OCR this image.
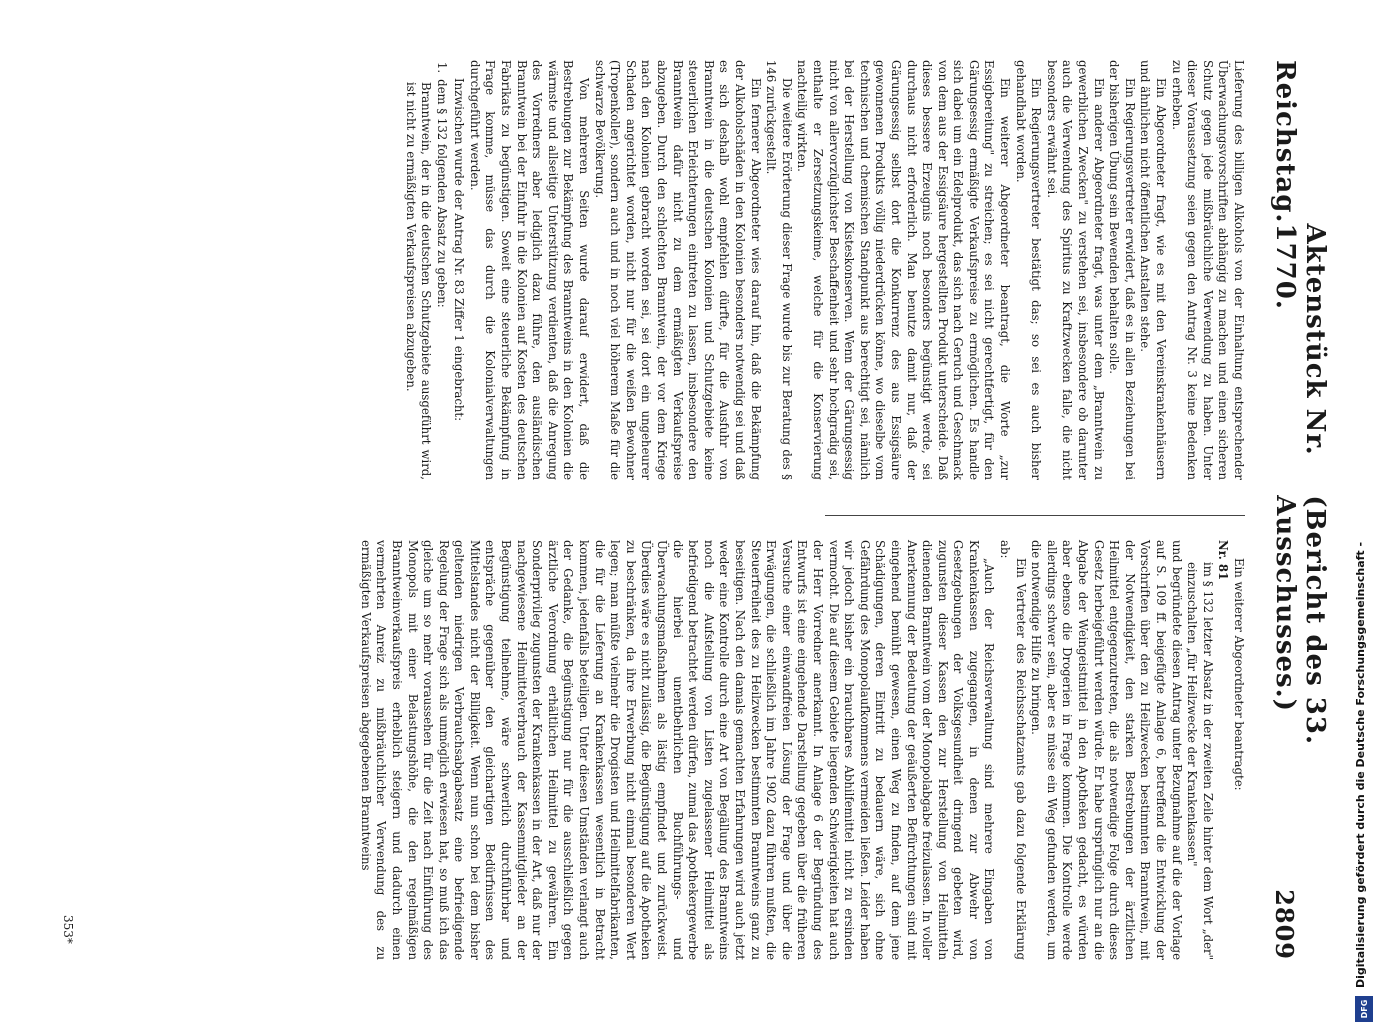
Reichstag.
Aktenstück Nr. 1770.
(Bericht des 33. Ausschusses.)
2809

Lieferung des billigen Alkohols von der Einhaltung entsprechender Überwachungsvorschriften abhängig zu machen und einen sicheren Schutz gegen jede mißbräuchliche Verwendung zu haben. Unter dieser Voraussetzung seien gegen den Antrag Nr. 3 keine Bedenken zu erheben.

Ein Abgeordneter fragt, wie es mit den Vereinskrankenhäusern und ähnlichen nicht öffentlichen Anstalten stehe.

Ein Regierungsvertreter erwidert, daß es in allen Beziehungen bei der bisherigen Übung sein Bewenden behalten solle.

Ein anderer Abgeordneter fragt, was unter dem „Branntwein zu gewerblichen Zwecken" zu verstehen sei, insbesondere ob darunter auch die Verwendung des Spiritus zu Kraftzwecken falle, die nicht besonders erwähnt sei.

Ein Regierungsvertreter bestätigt das; so sei es auch bisher gehandhabt worden.

Ein weiterer Abgeordneter beantragt, die Worte „zur Essigbereitung" zu streichen; es sei nicht gerechtfertigt, für den Gärungsessig ermäßigte Verkaufspreise zu ermöglichen. Es handle sich dabei um ein Edelprodukt, das sich nach Geruch und Geschmack von dem aus der Essigsäure hergestellten Produkt unterscheide. Daß dieses bessere Erzeugnis noch besonders begünstigt werde, sei durchaus nicht erforderlich. Man benutze damit nur, daß der Gärungsessig selbst dort die Konkurrenz des aus Essigsäure gewonnenen Produkts völlig niederdrücken könne, wo dieselbe vom technischen und chemischen Standpunkt aus berechtigt sei, nämlich bei der Herstellung von Kisteskonserven. Wenn der Gärungsessig nicht von allervorzüglichster Beschaffenheit und sehr hochgradig sei, enthalte er Zersetzungskeime, welche für die Konservierung nachteilig wirkten.

Die weitere Erörterung dieser Frage wurde bis zur Beratung des § 146 zurückgestellt.

Ein fernerer Abgeordneter wies darauf hin, daß die Bekämpfung der Alkoholschäden in den Kolonien besonders notwendig sei und daß es sich deshalb wohl empfehlen dürfte, für die Ausfuhr von Branntwein in die deutschen Kolonien und Schutzgebiete keine steuerlichen Erleichterungen eintreten zu lassen, insbesondere den Branntwein dafür nicht zu dem ermäßigten Verkaufspreise abzugeben. Durch den schlechten Branntwein, der vor dem Kriege nach den Kolonien gebracht worden sei, sei dort ein ungeheurer Schaden angerichtet worden, nicht nur für die weißen Bewohner (Tropenkoller), sondern auch und in noch viel höherem Maße für die schwarze Bevölkerung.

Von mehreren Seiten wurde darauf erwidert, daß die Bestrebungen zur Bekämpfung des Branntweins in den Kolonien die wärmste und allseitige Unterstützung verdienten, daß die Anregung des Vorredners aber lediglich dazu führe, den ausländischen Branntwein bei der Einfuhr in die Kolonien auf Kosten des deutschen Fabrikats zu begünstigen. Soweit eine steuerliche Bekämpfung in Frage komme, müsse das durch die Kolonialverwaltungen durchgeführt werden.

Inzwischen wurde der Antrag Nr. 83 Ziffer 1 eingebracht:

1.dem § 132 folgenden Absatz zu geben:

Branntwein, der in die deutschen Schutzgebiete ausgeführt wird, ist nicht zu ermäßigten Verkaufspreisen abzugeben.

Ein weiterer Abgeordneter beantragte:

Nr. 81

im § 132 letzter Absatz in der zweiten Zeile hinter dem Wort „der" einzuschalten „für Heilzwecke der Krankenkassen"

und begründete diesen Antrag unter Bezugnahme auf die der Vorlage auf S. 109 ff. beigefügte Anlage 6, betreffend die Entwicklung der Vorschriften über den zu Heilzwecken bestimmten Branntwein, mit der Notwendigkeit, den starken Bestrebungen der ärztlichen Heilmittel entgegenzutreten, die als notwendige Folge durch dieses Gesetz herbeigeführt werden würde. Er habe ursprünglich nur an die Abgabe der Weingeistmittel in den Apotheken gedacht, es würden aber ebenso die Drogerien in Frage kommen. Die Kontrolle werde allerdings schwer sein, aber es müsse ein Weg gefunden werden, um die notwendige Hilfe zu bringen.

Ein Vertreter des Reichsschatzamts gab dazu folgende Erklärung ab:

„Auch der Reichsverwaltung sind mehrere Eingaben von Krankenkassen zugegangen, in denen zur Abwehr von Gesetzgebungen der Volksgesundheit dringend gebeten wird, zugunsten dieser Kassen den zur Herstellung von Heilmitteln dienenden Branntwein vom der Monopolabgabe freizulassen. In voller Anerkennung der Bedeutung der geäußerten Befürchtungen sind mit eingehend bemüht gewesen, einen Weg zu finden, auf dem jene Schädigungen, deren Eintritt zu bedauern wäre, sich ohne Gefährdung des Monopolaufkommens vermeiden ließen. Leider haben wir jedoch bisher ein brauchbares Abhilfemittel nicht zu ersinden vermocht. Die auf diesem Gebiete liegenden Schwierigkeiten hat auch der Herr Vorredner anerkannt. In Anlage 6 der Begründung des Entwurfs ist eine eingehende Darstellung gegeben über die früheren Versuche einer einwandfreien Lösung der Frage und über die Erwägungen, die schließlich im Jahre 1902 dazu führen mußten, die Steuerfreiheit des zu Heilzwecken bestimmten Branntweins ganz zu beseitigen. Nach den damals gemachten Erfahrungen wird auch jetzt weder eine Kontrolle durch eine Art von Begällung des Branntweins noch die Aufstellung von Listen zugelassener Heilmittel als befriedigend betrachtet werden dürfen, zumal das Apothekergewerbe die hierbei unentbehrlichen Buchführungs- und Überwachungsmaßnahmen als lästig empfindet und zurückweist. Überdies wäre es nicht zulässig, die Begünstigung auf die Apotheken zu beschränken, da ihre Erwerbung nicht einmal besonderen Wert legen; man müßte vielmehr die Drogisten und Heilmittelfabrikanten, die für die Lieferung an Krankenkassen wesentlich in Betracht kommen, jedenfalls beteiligen. Unter diesen Umständen verlangt auch der Gedanke, die Begünstigung nur für die ausschließlich gegen ärztliche Verordnung erhältlichen Heilmittel zu gewähren. Ein Sonderprivileg zugunsten der Krankenkassen in der Art, daß nur der nachgewiesene Heilmittelverbrauch der Kassenmitglieder an der Begünstigung teilnehme, wäre schwerlich durchführbar und entspräche gegenüber den gleichartigen Bedürfnissen des Mittelstandes nicht der Billigkeit. Wenn nun schon bei dem bisher geltenden niedrigen Verbrauchsabgabesatz eine befriedigende Regelung der Frage sich als unmöglich erwiesen hat, so muß ich das gleiche um so mehr voraussehen für die Zeit nach Einführung des Monopols mit einer Belastungshöhe, die den regelmäßigen Branntweinverkaufspreis erheblich steigern und dadurch einen vermehrten Anreiz zu mißbräuchlicher Verwendung des zu ermäßigten Verkaufspreisen abgegebenen Branntweins

353*	Digitalisierung gefördert durch die Deutsche Forschungsgemeinschaft -
DFG
